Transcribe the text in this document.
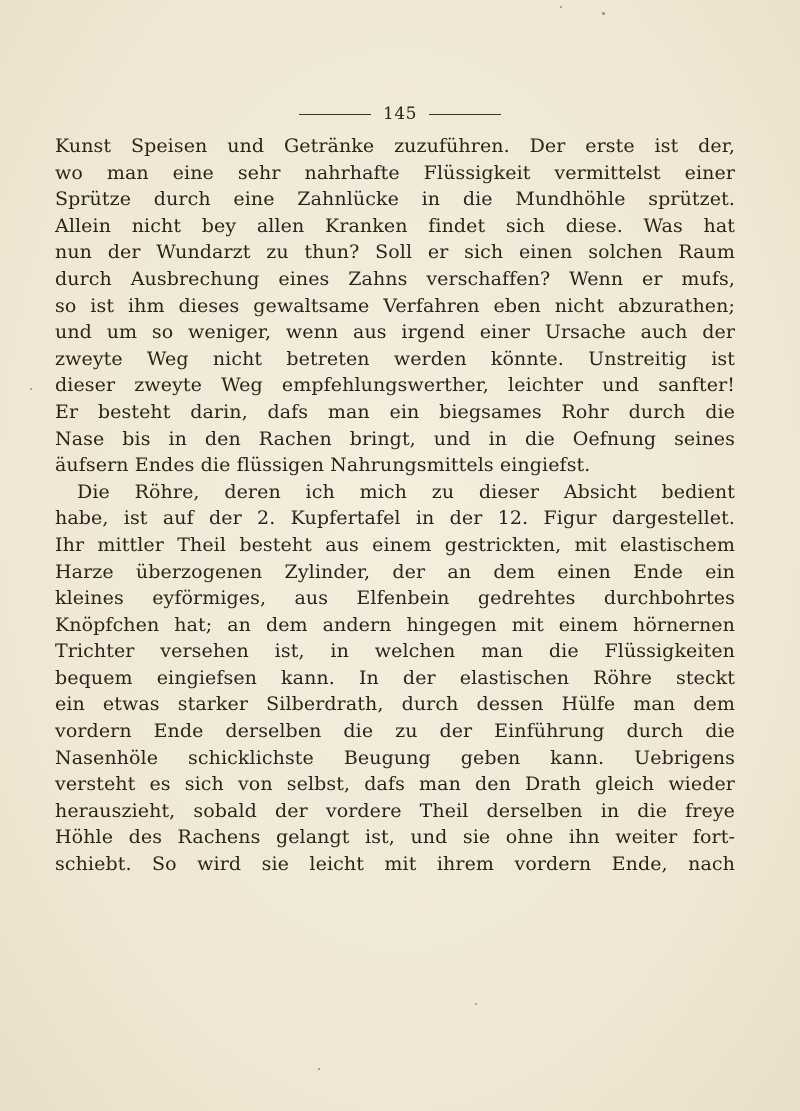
145
Kunst Speisen und Getränke zuzuführen. Der erste ist der,
wo man eine sehr nahrhafte Flüssigkeit vermittelst einer
Sprütze durch eine Zahnlücke in die Mundhöhle sprützet.
Allein nicht bey allen Kranken findet sich diese. Was hat
nun der Wundarzt zu thun? Soll er sich einen solchen Raum
durch Ausbrechung eines Zahns verschaffen? Wenn er mufs,
so ist ihm dieses gewaltsame Verfahren eben nicht abzurathen;
und um so weniger, wenn aus irgend einer Ursache auch der
zweyte Weg nicht betreten werden könnte. Unstreitig ist
dieser zweyte Weg empfehlungswerther, leichter und sanfter!
Er besteht darin, dafs man ein biegsames Rohr durch die
Nase bis in den Rachen bringt, und in die Oefnung seines
äufsern Endes die flüssigen Nahrungsmittels eingiefst.
Die Röhre, deren ich mich zu dieser Absicht bedient
habe, ist auf der 2. Kupfertafel in der 12. Figur dargestellet.
Ihr mittler Theil besteht aus einem gestrickten, mit elastischem
Harze überzogenen Zylinder, der an dem einen Ende ein
kleines eyförmiges, aus Elfenbein gedrehtes durchbohrtes
Knöpfchen hat; an dem andern hingegen mit einem hörnernen
Trichter versehen ist, in welchen man die Flüssigkeiten
bequem eingiefsen kann. In der elastischen Röhre steckt
ein etwas starker Silberdrath, durch dessen Hülfe man dem
vordern Ende derselben die zu der Einführung durch die
Nasenhöle schicklichste Beugung geben kann. Uebrigens
versteht es sich von selbst, dafs man den Drath gleich wieder
herauszieht, sobald der vordere Theil derselben in die freye
Höhle des Rachens gelangt ist, und sie ohne ihn weiter fort-
schiebt. So wird sie leicht mit ihrem vordern Ende, nach
